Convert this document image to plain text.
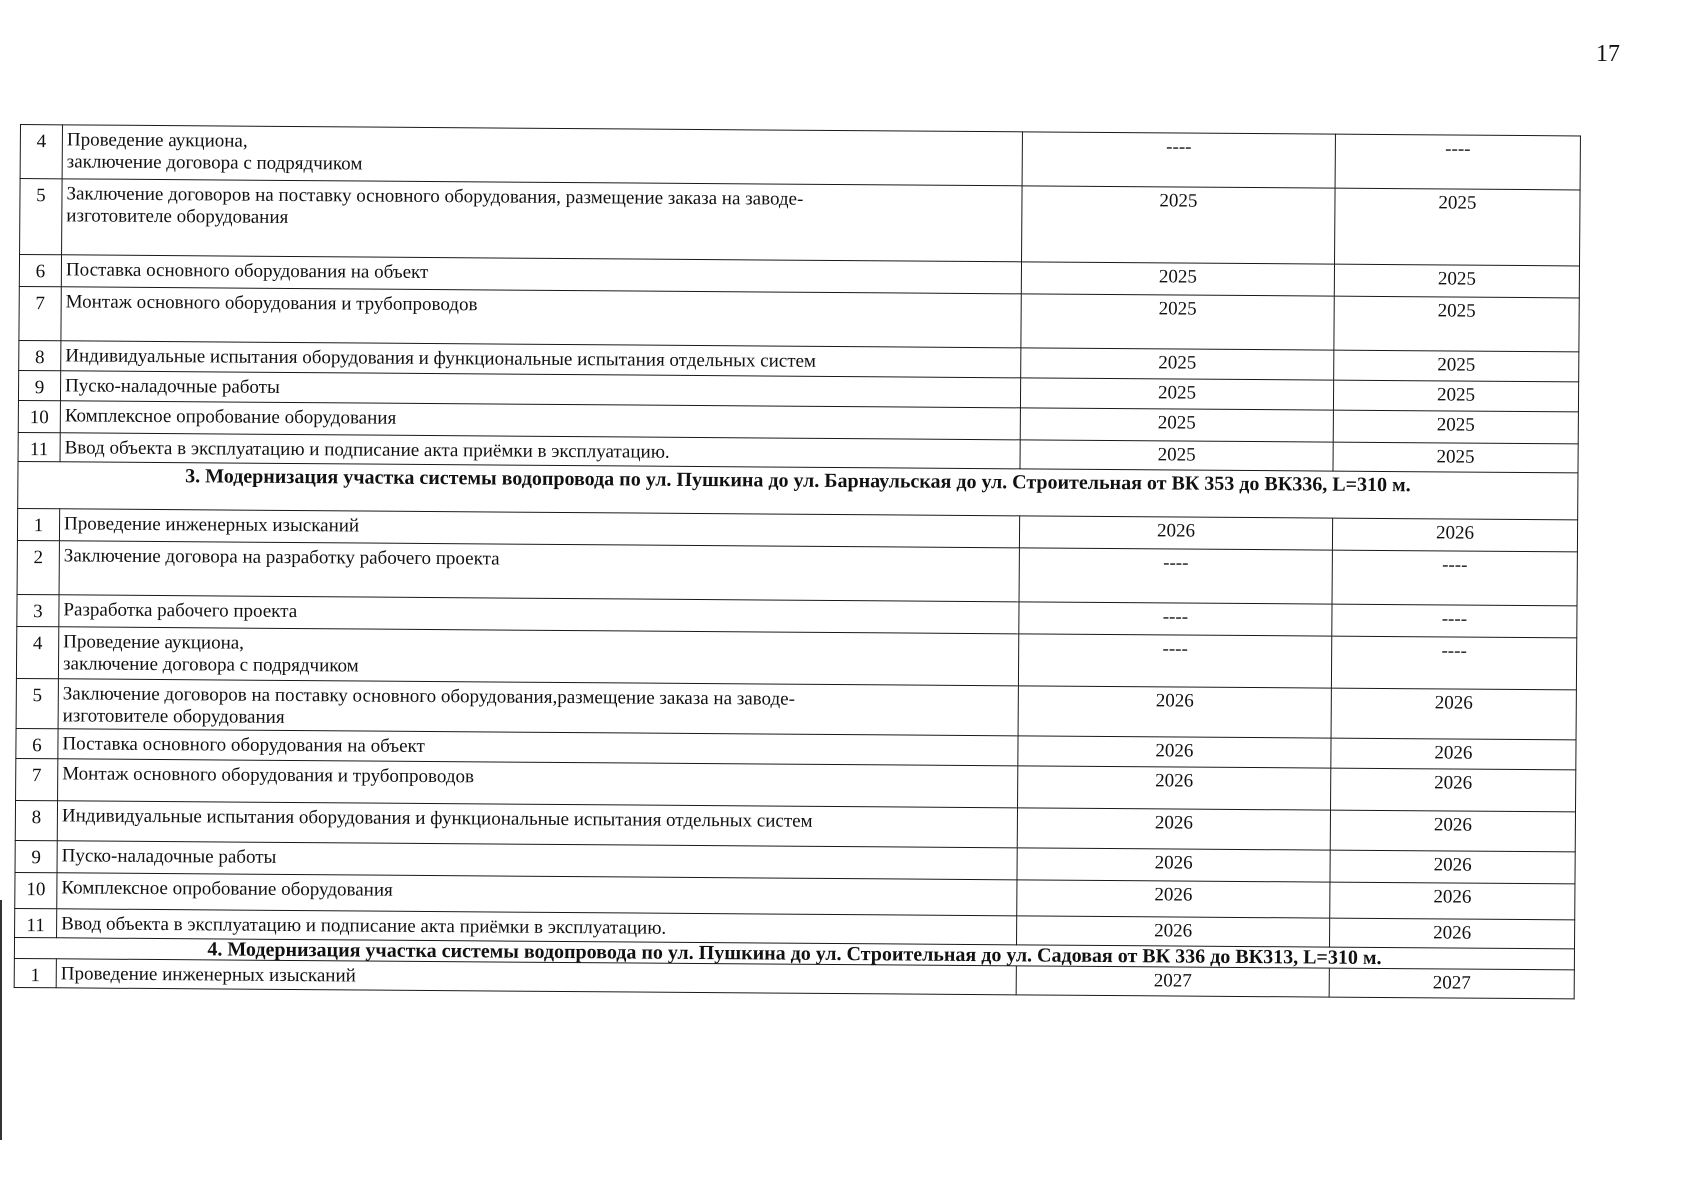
17
4	Проведение аукциона,
заключение договора с подрядчиком	----	----
5	Заключение договоров на поставку основного оборудования, размещение заказа на заводе-
изготовителе оборудования	2025	2025
6	Поставка основного оборудования на объект	2025	2025
7	Монтаж основного оборудования и трубопроводов	2025	2025
8	Индивидуальные испытания оборудования и функциональные испытания отдельных систем	2025	2025
9	Пуско-наладочные работы	2025	2025
10	Комплексное опробование оборудования	2025	2025
11	Ввод объекта в эксплуатацию и подписание акта приёмки в эксплуатацию.	2025	2025
3. Модернизация участка системы водопровода по ул. Пушкина до ул. Барнаульская до ул. Строительная от ВК 353 до ВК336, L=310 м.			
1	Проведение инженерных изысканий	2026	2026
2	Заключение договора на разработку рабочего проекта	----	----
3	Разработка рабочего проекта	----	----
4	Проведение аукциона,
заключение договора с подрядчиком	----	----
5	Заключение договоров на поставку основного оборудования,размещение заказа на заводе-
изготовителе оборудования	2026	2026
6	Поставка основного оборудования на объект	2026	2026
7	Монтаж основного оборудования и трубопроводов	2026	2026
8	Индивидуальные испытания оборудования и функциональные испытания отдельных систем	2026	2026
9	Пуско-наладочные работы	2026	2026
10	Комплексное опробование оборудования	2026	2026
11	Ввод объекта в эксплуатацию и подписание акта приёмки в эксплуатацию.	2026	2026
4. Модернизация участка системы водопровода по ул. Пушкина до ул. Строительная до ул. Садовая от ВК 336 до ВК313, L=310 м.			
1	Проведение инженерных изысканий	2027	2027
